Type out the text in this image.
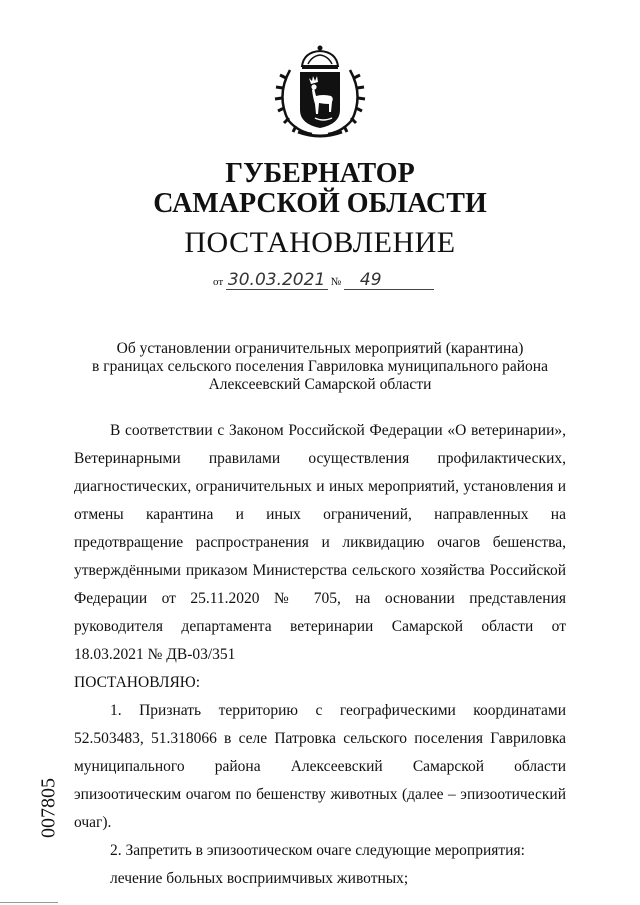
ГУБЕРНАТОР
САМАРСКОЙ ОБЛАСТИ
ПОСТАНОВЛЕНИЕ
от 30.03.2021 № 49
Об установлении ограничительных мероприятий (карантина)
в границах сельского поселения Гавриловка муниципального района
Алексеевский Самарской области

В соответствии с Законом Российской Федерации «О ветеринарии», Ветеринарными правилами осуществления профилактических, диагностических, ограничительных и иных мероприятий, установления и отмены карантина и иных ограничений, направленных на предотвращение распространения и ликвидацию очагов бешенства, утверждёнными приказом Министерства сельского хозяйства Российской Федерации от 25.11.2020 № 705, на основании представления руководителя департамента ветеринарии Самарской области от 18.03.2021 № ДВ-03/351

ПОСТАНОВЛЯЮ:

1. Признать территорию с географическими координатами 52.503483, 51.318066 в селе Патровка сельского поселения Гавриловка муниципального района Алексеевский Самарской области эпизоотическим очагом по бешенству животных (далее – эпизоотический очаг).

2. Запретить в эпизоотическом очаге следующие мероприятия:

лечение больных восприимчивых животных;

007805
